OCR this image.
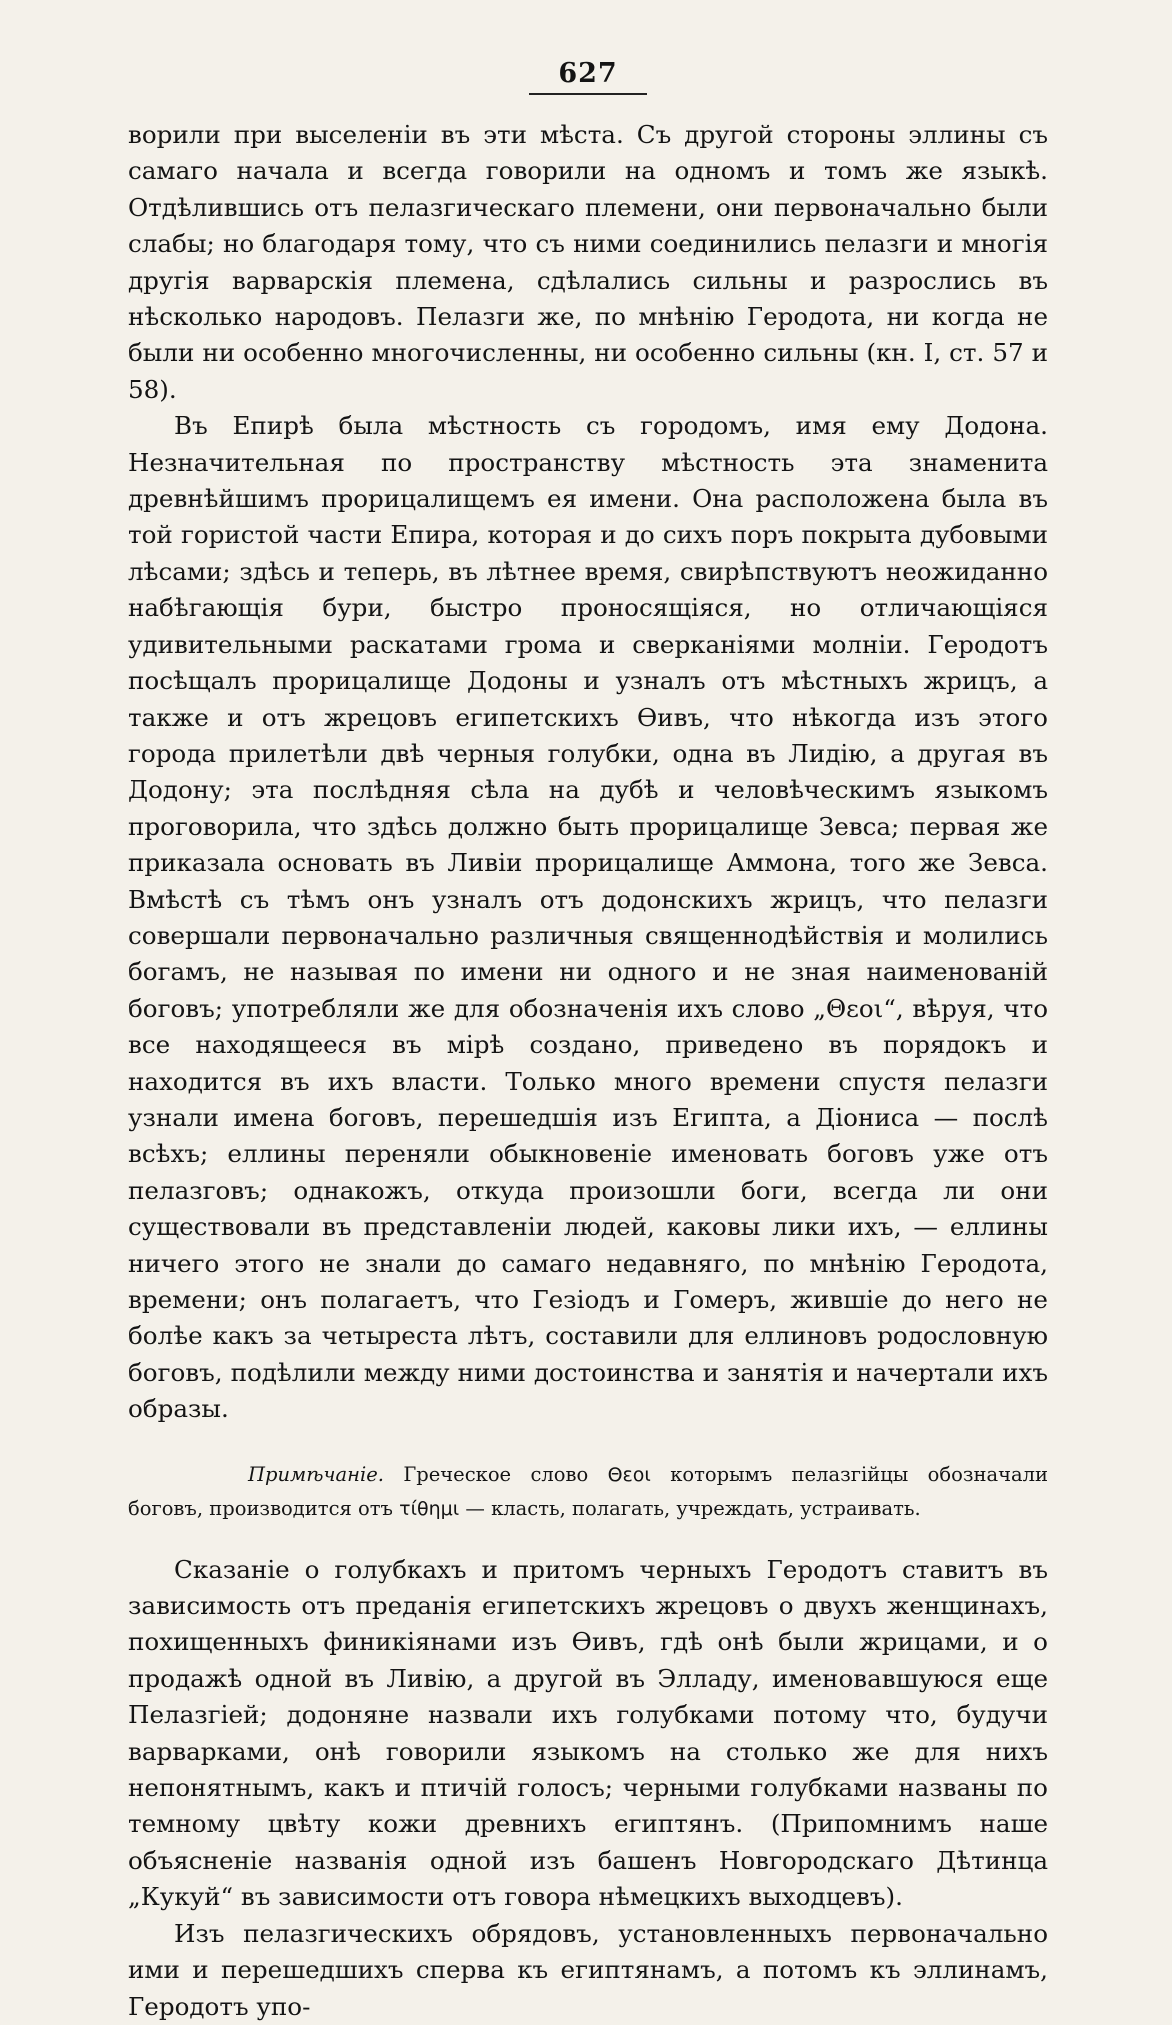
627

ворили при выселеніи въ эти мѣста. Съ другой стороны эллины съ самаго начала и всегда говорили на одномъ и томъ же языкѣ. Отдѣлившись отъ пелазгическаго племени, они первоначально были слабы; но благодаря тому, что съ ними соединились пелазги и многія другія варварскія племена, сдѣлались сильны и разрослись въ нѣсколько народовъ. Пелазги же, по мнѣнію Геродота, ни когда не были ни особенно многочисленны, ни особенно сильны (кн. I, ст. 57 и 58).

Въ Епирѣ была мѣстность съ городомъ, имя ему Додона. Незначительная по пространству мѣстность эта знаменита древнѣйшимъ прорицалищемъ ея имени. Она расположена была въ той гористой части Епира, которая и до сихъ поръ покрыта дубовыми лѣсами; здѣсь и теперь, въ лѣтнее время, свирѣпствуютъ неожиданно набѣгающія бури, быстро проносящіяся, но отличающіяся удивительными раскатами грома и сверканіями молніи. Геродотъ посѣщалъ прорицалище Додоны и узналъ отъ мѣстныхъ жрицъ, а также и отъ жрецовъ египетскихъ Ѳивъ, что нѣкогда изъ этого города прилетѣли двѣ черныя голубки, одна въ Лидію, а другая въ Додону; эта послѣдняя сѣла на дубѣ и человѣческимъ языкомъ проговорила, что здѣсь должно быть прорицалище Зевса; первая же приказала основать въ Ливіи прорицалище Аммона, того же Зевса. Вмѣстѣ съ тѣмъ онъ узналъ отъ додонскихъ жрицъ, что пелазги совершали первоначально различныя священнодѣйствія и молились богамъ, не называя по имени ни одного и не зная наименованій боговъ; употребляли же для обозначенія ихъ слово „Θεοι“, вѣруя, что все находящееся въ мірѣ создано, приведено въ порядокъ и находится въ ихъ власти. Только много времени спустя пелазги узнали имена боговъ, перешедшія изъ Египта, а Діониса — послѣ всѣхъ; еллины переняли обыкновеніе именовать боговъ уже отъ пелазговъ; однакожъ, откуда произошли боги, всегда ли они существовали въ представленіи людей, каковы лики ихъ, — еллины ничего этого не знали до самаго недавняго, по мнѣнію Геродота, времени; онъ полагаетъ, что Гезіодъ и Гомеръ, жившіе до него не болѣе какъ за четыреста лѣтъ, составили для еллиновъ родословную боговъ, подѣлили между ними достоинства и занятія и начертали ихъ образы.

Примѣчаніе. Греческое слово Θεοι которымъ пелазгійцы обозначали боговъ, производится отъ τίθημι — класть, полагать, учреждать, устраивать.

Сказаніе о голубкахъ и притомъ черныхъ Геродотъ ставитъ въ зависимость отъ преданія египетскихъ жрецовъ о двухъ женщинахъ, похищенныхъ финикіянами изъ Ѳивъ, гдѣ онѣ были жрицами, и о продажѣ одной въ Ливію, а другой въ Элладу, именовавшуюся еще Пелазгіей; додоняне назвали ихъ голубками потому что, будучи варварками, онѣ говорили языкомъ на столько же для нихъ непонятнымъ, какъ и птичій голосъ; черными голубками названы по темному цвѣту кожи древнихъ египтянъ. (Припомнимъ наше объясненіе названія одной изъ башенъ Новгородскаго Дѣтинца „Кукуй“ въ зависимости отъ говора нѣмецкихъ выходцевъ).

Изъ пелазгическихъ обрядовъ, установленныхъ первоначально ими и перешедшихъ сперва къ египтянамъ, а потомъ къ эллинамъ, Геродотъ упо-
